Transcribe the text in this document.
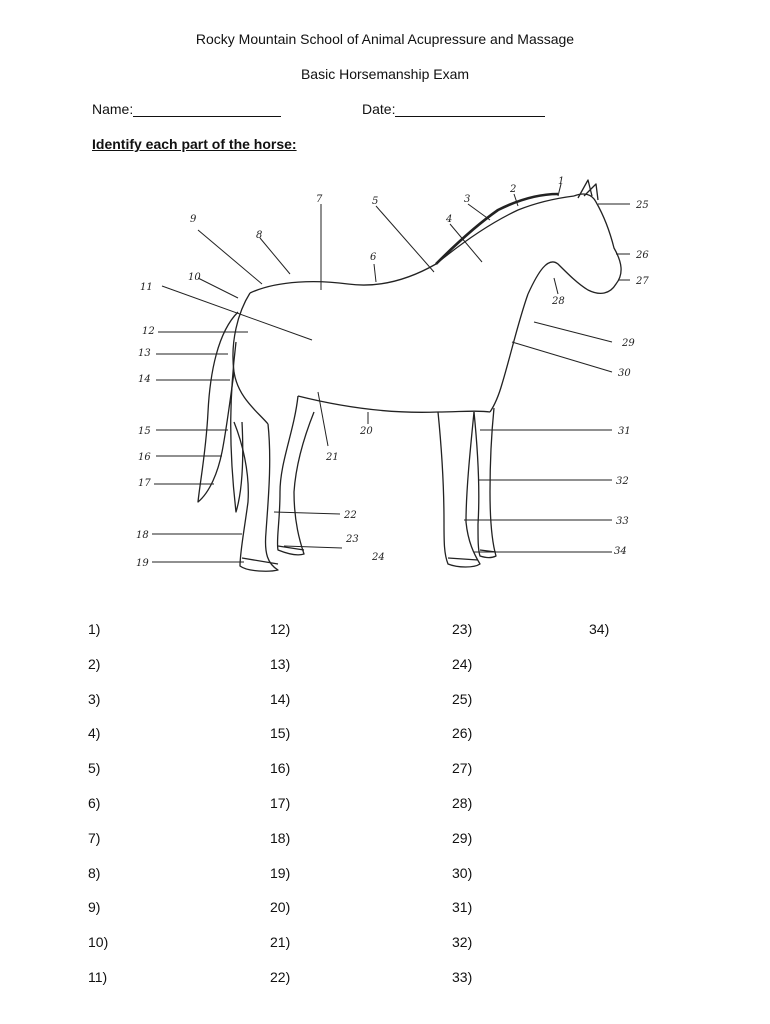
Rocky Mountain School of Animal Acupressure and Massage
Basic Horsemanship Exam
Name:	Date:
Identify each part of the horse:
1
2
3
4
5
6
7
8
9
10
11
12
13
14
15
16
17
18
19
20
21
22
23
24
25
26
27
28
29
30
31
32
33
34
1)
2)
3)
4)
5)
6)
7)
8)
9)
10)
11)
12)
13)
14)
15)
16)
17)
18)
19)
20)
21)
22)
23)
24)
25)
26)
27)
28)
29)
30)
31)
32)
33)
34)
